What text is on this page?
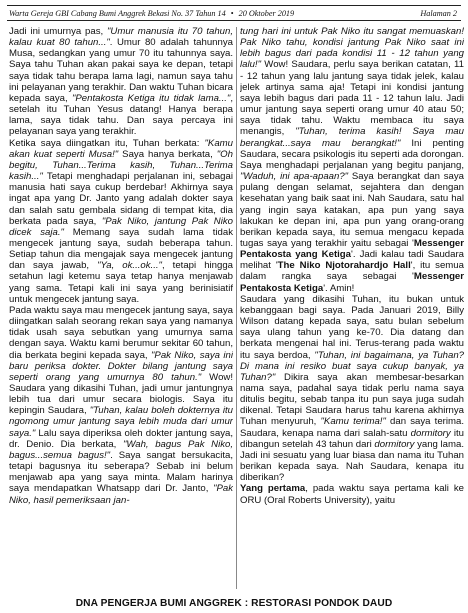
Warta Gereja GBI Cabang Bumi Anggrek Bekasi No. 37 Tahun 14 • 20 Oktober 2019	Halaman 2

Jadi ini umurnya pas, "Umur manusia itu 70 tahun, kalau kuat 80 tahun...". Umur 80 adalah tahunnya Musa, sedangkan yang umur 70 itu tahunnya saya. Saya tahu Tuhan akan pakai saya ke depan, tetapi saya tidak tahu berapa lama lagi, namun saya tahu ini pelayanan yang terakhir. Dan waktu Tuhan bicara kepada saya, "Pentakosta Ketiga itu tidak lama...", setelah itu Tuhan Yesus datang! Hanya berapa lama, saya tidak tahu. Dan saya percaya ini pelayanan saya yang terakhir.

Ketika saya diingatkan itu, Tuhan berkata: "Kamu akan kuat seperti Musa!" Saya hanya berkata, "Oh begitu, Tuhan...Terima kasih, Tuhan...Terima kasih..." Tetapi menghadapi perjalanan ini, sebagai manusia hati saya cukup berdebar! Akhirnya saya ingat apa yang Dr. Janto yang adalah dokter saya dan salah satu gembala sidang di tempat kita, dia berkata pada saya, "Pak Niko, jantung Pak Niko dicek saja." Memang saya sudah lama tidak mengecek jantung saya, sudah beberapa tahun. Setiap tahun dia mengajak saya mengecek jantung dan saya jawab, "Ya, ok...ok...", tetapi hingga setahun lagi ketemu saya tetap hanya menjawab yang sama. Tetapi kali ini saya yang berinisiatif untuk mengecek jantung saya.

Pada waktu saya mau mengecek jantung saya, saya diingatkan salah seorang rekan saya yang namanya tidak usah saya sebutkan yang umurnya sama dengan saya. Waktu kami berumur sekitar 60 tahun, dia berkata begini kepada saya, "Pak Niko, saya ini baru periksa dokter. Dokter bilang jantung saya seperti orang yang umurnya 80 tahun." Wow! Saudara yang dikasihi Tuhan, jadi umur jantungnya lebih tua dari umur secara biologis. Saya itu kepingin Saudara, "Tuhan, kalau boleh dokternya itu ngomong umur jantung saya lebih muda dari umur saya." Lalu saya diperiksa oleh dokter jantung saya, dr. Denio. Dia berkata, "Wah, bagus Pak Niko, bagus...semua bagus!". Saya sangat bersukacita, tetapi bagusnya itu seberapa? Sebab ini belum menjawab apa yang saya minta. Malam harinya saya mendapatkan Whatsapp dari Dr. Janto, "Pak Niko, hasil pemeriksaan jan-

tung hari ini untuk Pak Niko itu sangat memuaskan! Pak Niko tahu, kondisi jantung Pak Niko saat ini lebih bagus dari pada kondisi 11 - 12 tahun yang lalu!" Wow! Saudara, perlu saya berikan catatan, 11 - 12 tahun yang lalu jantung saya tidak jelek, kalau jelek artinya sama aja! Tetapi ini kondisi jantung saya lebih bagus dari pada 11 - 12 tahun lalu. Jadi umur jantung saya seperti orang umur 40 atau 50; saya tidak tahu. Waktu membaca itu saya menangis, "Tuhan, terima kasih! Saya mau berangkat...saya mau berangkat!" Ini penting Saudara, secara psikologis itu seperti ada dorongan. Saya menghadapi perjalanan yang begitu panjang, "Waduh, ini apa-apaan?" Saya berangkat dan saya pulang dengan selamat, sejahtera dan dengan kesehatan yang baik saat ini. Nah Saudara, satu hal yang ingin saya katakan, apa pun yang saya lakukan ke depan ini, apa pun yang orang-orang berikan kepada saya, itu semua mengacu kepada tugas saya yang terakhir yaitu sebagai 'Messenger Pentakosta yang Ketiga'. Jadi kalau tadi Saudara melihat 'The Niko Njotorahardjo Hall', itu semua dalam rangka saya sebagai 'Messenger Pentakosta Ketiga'. Amin!

Saudara yang dikasihi Tuhan, itu bukan untuk kebanggaan bagi saya. Pada Januari 2019, Billy Wilson datang kepada saya, satu bulan sebelum saya ulang tahun yang ke-70. Dia datang dan berkata mengenai hal ini. Terus-terang pada waktu itu saya berdoa, "Tuhan, ini bagaimana, ya Tuhan? Di mana ini resiko buat saya cukup banyak, ya Tuhan?" Dikira saya akan membesar-besarkan nama saya, padahal saya tidak perlu nama saya ditulis begitu, sebab tanpa itu pun saya juga sudah dikenal. Tetapi Saudara harus tahu karena akhirnya Tuhan menyuruh, "Kamu terima!" dan saya terima. Saudara, kenapa nama dari salah-satu dormitory itu dibangun setelah 43 tahun dari dormitory yang lama. Jadi ini sesuatu yang luar biasa dan nama itu Tuhan berikan kepada saya. Nah Saudara, kenapa itu diberikan?

Yang pertama, pada waktu saya pertama kali ke ORU (Oral Roberts University), yaitu

DNA PENGERJA BUMI ANGGREK : RESTORASI PONDOK DAUD
